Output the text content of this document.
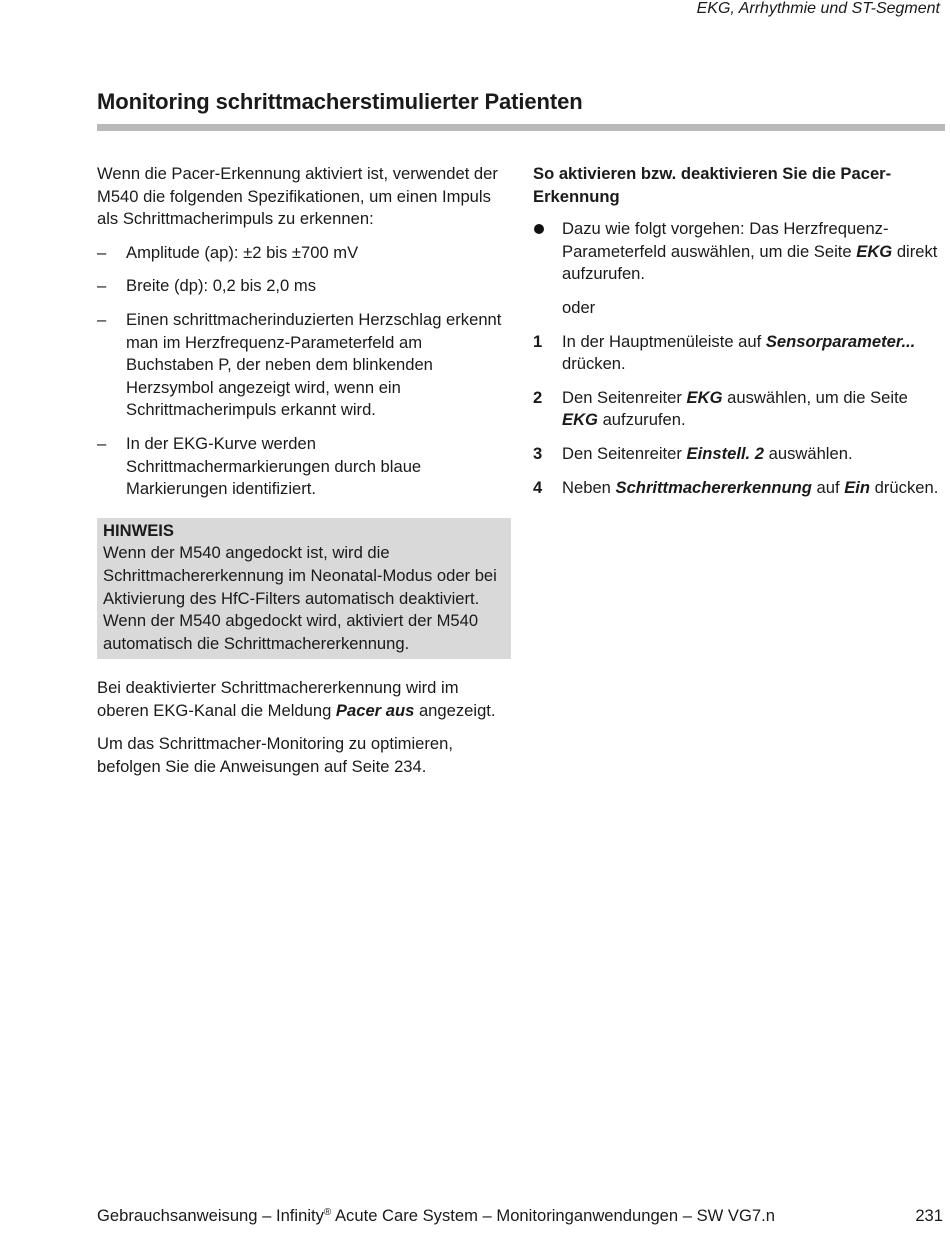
EKG, Arrhythmie und ST-Segment
Monitoring schrittmacherstimulierter Patienten

Wenn die Pacer-Erkennung aktiviert ist, verwendet der M540 die folgenden Spezifikationen, um einen Impuls als Schrittmacherimpuls zu erkennen:

– Amplitude (ap): ±2 bis ±700 mV
– Breite (dp): 0,2 bis 2,0 ms
– Einen schrittmacherinduzierten Herzschlag erkennt man im Herzfrequenz-Parameterfeld am Buchstaben P, der neben dem blinkenden Herzsymbol angezeigt wird, wenn ein Schrittmacherimpuls erkannt wird.
– In der EKG-Kurve werden Schrittmachermarkierungen durch blaue Markierungen identifiziert.
HINWEIS
Wenn der M540 angedockt ist, wird die Schrittmachererkennung im Neonatal-Modus oder bei Aktivierung des HfC-Filters automatisch deaktiviert. Wenn der M540 abgedockt wird, aktiviert der M540 automatisch die Schrittmachererkennung.

Bei deaktivierter Schrittmachererkennung wird im oberen EKG-Kanal die Meldung Pacer aus angezeigt.

Um das Schrittmacher-Monitoring zu optimieren, befolgen Sie die Anweisungen auf Seite 234.

So aktivieren bzw. deaktivieren Sie die Pacer-Erkennung

Dazu wie folgt vorgehen: Das Herzfrequenz-Parameterfeld auswählen, um die Seite EKG direkt aufzurufen.

oder

1 In der Hauptmenüleiste auf Sensorparameter... drücken.
2 Den Seitenreiter EKG auswählen, um die Seite EKG aufzurufen.
3 Den Seitenreiter Einstell. 2 auswählen.
4 Neben Schrittmachererkennung auf Ein drücken.
Gebrauchsanweisung – Infinity® Acute Care System – Monitoringanwendungen – SW VG7.n	231
